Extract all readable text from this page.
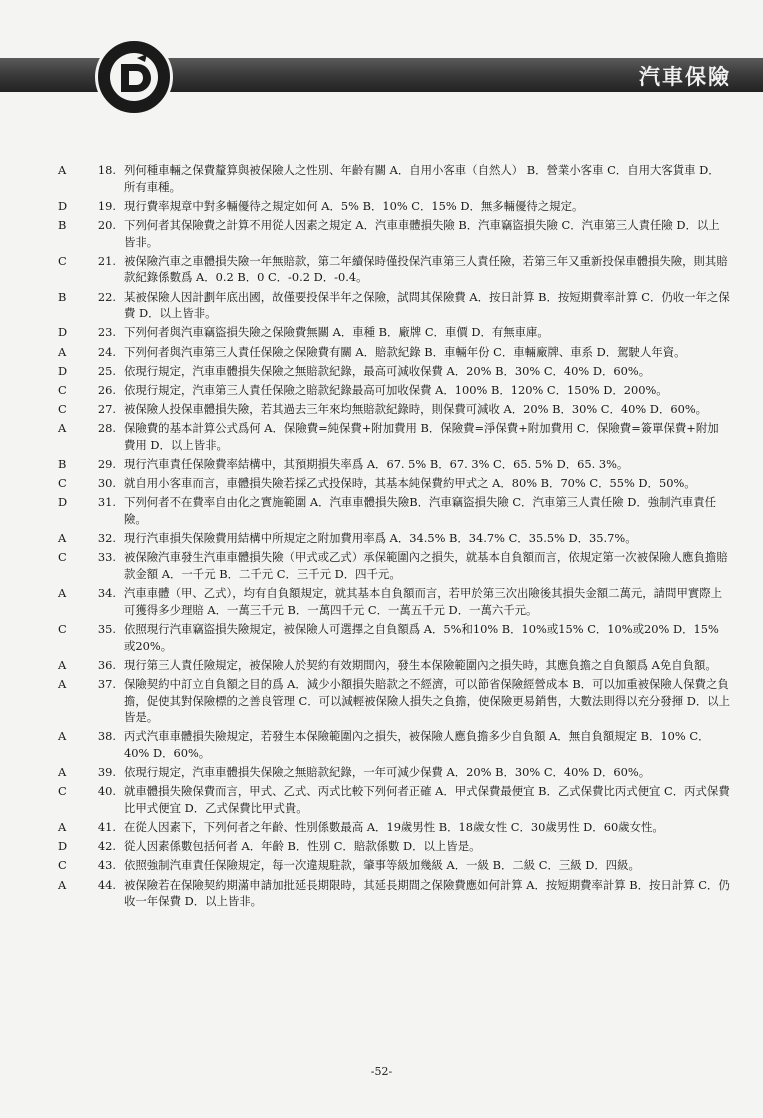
汽車保險
A	18. 列何種車輛之保費釐算與被保險人之性別、年齡有關 A．自用小客車（自然人） B．營業小客車 C．自用大客貨車 D．所有車種。
D	19. 現行費率規章中對多輛優待之規定如何 A．5% B．10% C．15% D．無多輛優待之規定。
B	20. 下列何者其保險費之計算不用從人因素之規定 A．汽車車體損失險 B．汽車竊盜損失險 C．汽車第三人責任險 D．以上皆非。
C	21. 被保險汽車之車體損失險一年無賠款，第二年續保時僅投保汽車第三人責任險，若第三年又重新投保車體損失險，則其賠款紀錄係數爲 A．0.2 B．0 C．-0.2 D．-0.4。
B	22. 某被保險人因計劃年底出國，故僅要投保半年之保險，試問其保險費 A．按日計算 B．按短期費率計算 C．仍收一年之保費 D．以上皆非。
D	23. 下列何者與汽車竊盜損失險之保險費無關 A．車種 B．廠牌 C．車價 D．有無車庫。
A	24. 下列何者與汽車第三人責任保險之保險費有關 A．賠款紀錄 B．車輛年份 C．車輛廠牌、車系 D．駕駛人年資。
D	25. 依現行規定，汽車車體損失保險之無賠款紀錄，最高可減收保費 A．20% B．30% C．40% D．60%。
C	26. 依現行規定，汽車第三人責任保險之賠款紀錄最高可加收保費 A．100% B．120% C．150% D．200%。
C	27. 被保險人投保車體損失險，若其過去三年來均無賠款紀錄時，則保費可減收 A．20% B．30% C．40% D．60%。
A	28. 保險費的基本計算公式爲何 A．保險費=純保費+附加費用 B．保險費=淨保費+附加費用 C．保險費=簽單保費+附加費用 D．以上皆非。
B	29. 現行汽車責任保險費率結構中，其預期損失率爲 A．67. 5% B．67. 3% C．65. 5% D．65. 3%。
C	30. 就自用小客車而言，車體損失險若採乙式投保時，其基本純保費約甲式之 A．80% B．70% C．55% D．50%。
D	31. 下列何者不在費率自由化之實施範圍 A．汽車車體損失險B．汽車竊盜損失險 C．汽車第三人責任險 D．強制汽車責任險。
A	32. 現行汽車損失保險費用結構中所規定之附加費用率爲 A．34.5% B．34.7% C．35.5% D．35.7%。
C	33. 被保險汽車發生汽車車體損失險（甲式或乙式）承保範圍內之損失，就基本自負額而言，依規定第一次被保險人應負擔賠款金額 A．一千元 B．二千元 C．三千元 D．四千元。
A	34. 汽車車體（甲、乙式），均有自負額規定，就其基本自負額而言，若甲於第三次出險後其損失金額二萬元，請問甲實際上可獲得多少理賠 A．一萬三千元 B．一萬四千元 C．一萬五千元 D．一萬六千元。
C	35. 依照現行汽車竊盜損失險規定，被保險人可選擇之自負額爲 A．5%和10% B．10%或15% C．10%或20% D．15%或20%。
A	36. 現行第三人責任險規定，被保險人於契約有效期間內，發生本保險範圍內之損失時，其應負擔之自負額爲 A免自負額。
A	37. 保險契約中訂立自負額之目的爲 A．減少小額損失賠款之不經濟，可以節省保險經營成本 B．可以加重被保險人保費之負擔，促使其對保險標的之善良管理 C．可以減輕被保險人損失之負擔，使保險更易銷售，大數法則得以充分發揮 D．以上皆是。
A	38. 丙式汽車車體損失險規定，若發生本保險範圍內之損失，被保險人應負擔多少自負額 A．無自負額規定 B．10% C．40% D．60%。
A	39. 依現行規定，汽車車體損失保險之無賠款紀錄，一年可減少保費 A．20% B．30% C．40% D．60%。
C	40. 就車體損失險保費而言，甲式、乙式、丙式比較下列何者正確 A．甲式保費最便宜 B．乙式保費比丙式便宜 C．丙式保費比甲式便宜 D．乙式保費比甲式貴。
A	41. 在從人因素下，下列何者之年齡、性別係數最高 A．19歲男性 B．18歲女性 C．30歲男性 D．60歲女性。
D	42. 從人因素係數包括何者 A．年齡 B．性別 C．賠款係數 D．以上皆是。
C	43. 依照強制汽車責任保險規定，每一次違規駐款，肇事等級加幾級 A．一級 B．二級 C．三級 D．四級。
A	44. 被保險若在保險契約期滿申請加批延長期限時，其延長期間之保險費應如何計算 A．按短期費率計算 B．按日計算 C．仍收一年保費 D．以上皆非。
-52-
